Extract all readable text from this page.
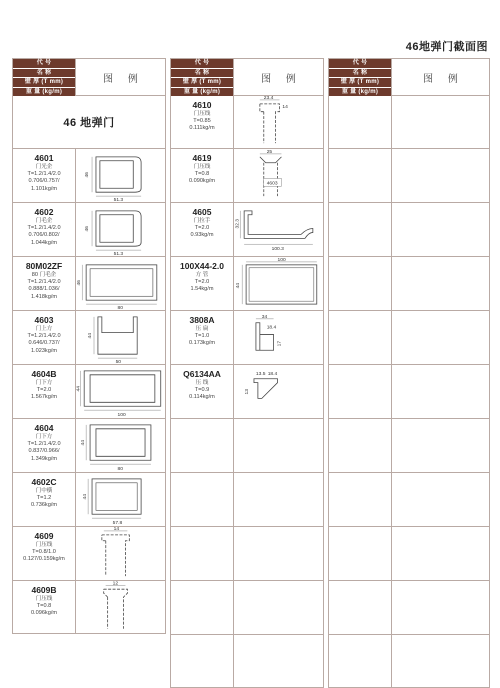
46地弹门截面图
代 号
名 称
壁 厚 (T mm)
重 量 (kg/m)
图 例
46 地弹门
4601
门光企
T=1.2/1.4/2.0
0.706/0.757/
1.101kg/m
46
51.3
4602
门毛企
T=1.2/1.4/2.0
0.706/0.802/
1.044kg/m
46
51.3
80M02ZF
80 门毛企
T=1.2/1.4/2.0
0.888/1.036/
1.418kg/m
46
80
4603
门上方
T=1.2/1.4/2.0
0.646/0.737/
1.023kg/m
44
50
4604B
门下方
T=2.0
1.567kg/m
44
100
4604
门下方
T=1.2/1.4/2.0
0.837/0.966/
1.349kg/m
44
80
4602C
门中横
T=1.2
0.736kg/m
44
57.8
4609
门压线
T=0.8/1.0
0.127/0.159kg/m
14
4609B
门压线
T=0.8
0.096kg/m
12
代 号
名 称
壁 厚 (T mm)
重 量 (kg/m)
图 例
4610
门压线
T=0.85
0.111kg/m
23.4
14
4619
门压线
T=0.8
0.090kg/m
25
4603
4605
门拉手
T=2.0
0.93kg/m
32.3
100.3
100X44-2.0
方 管
T=2.0
1.54kg/m
100
44
3808A
压 扁
T=1.0
0.173kg/m
34
18.4
17
Q6134AA
压 线
T=0.9
0.114kg/m
13.5 18.4
13
代 号
名 称
壁 厚 (T mm)
重 量 (kg/m)
图 例
